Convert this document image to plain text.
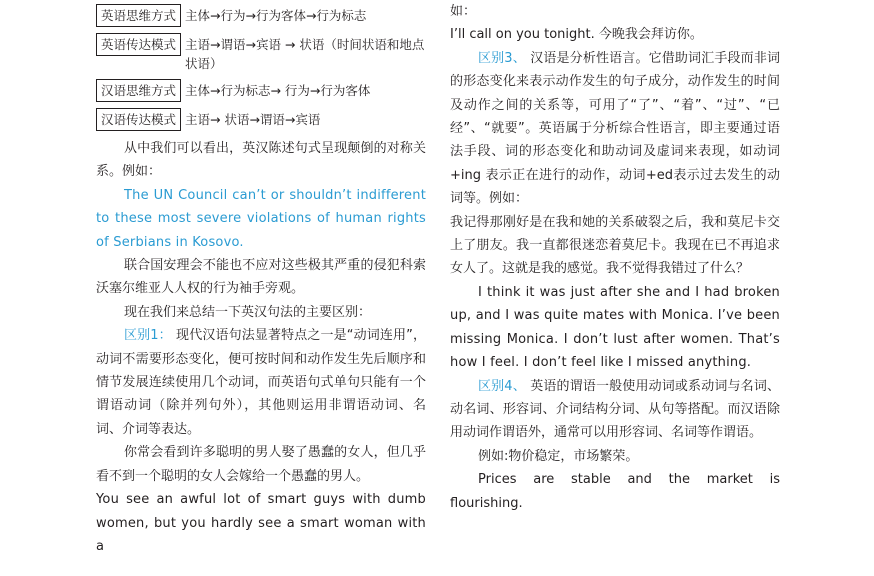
英语思维方式 主体→行为→行为客体→行为标志
英语传达模式 主语→谓语→宾语 → 状语（时间状语和地点状语）
汉语思维方式 主体→行为标志→ 行为→行为客体
汉语传达模式 主语→ 状语→谓语→宾语

从中我们可以看出，英汉陈述句式呈现颠倒的对称关系。例如：

The UN Council can’t or shouldn’t indifferent to these most severe violations of human rights of Serbians in Kosovo.

联合国安理会不能也不应对这些极其严重的侵犯科索沃塞尔维亚人人权的行为袖手旁观。

现在我们来总结一下英汉句法的主要区别：

区别1： 现代汉语句法显著特点之一是“动词连用”，动词不需要形态变化，便可按时间和动作发生先后顺序和情节发展连续使用几个动词，而英语句式单句只能有一个谓语动词（除并列句外），其他则运用非谓语动词、名词、介词等表达。

你常会看到许多聪明的男人娶了愚蠢的女人，但几乎看不到一个聪明的女人会嫁给一个愚蠢的男人。

You see an awful lot of smart guys with dumb women, but you hardly see a smart woman with a

如：

I’ll call on you tonight. 今晚我会拜访你。

区别3、 汉语是分析性语言。它借助词汇手段而非词的形态变化来表示动作发生的句子成分，动作发生的时间及动作之间的关系等，可用了“了”、“着”、“过”、“已经”、“就要”。英语属于分析综合性语言，即主要通过语法手段、词的形态变化和助动词及虚词来表现，如动词+ing 表示正在进行的动作，动词+ed表示过去发生的动词等。例如：

我记得那刚好是在我和她的关系破裂之后，我和莫尼卡交上了朋友。我一直都很迷恋着莫尼卡。我现在已不再追求女人了。这就是我的感觉。我不觉得我错过了什么？

I think it was just after she and I had broken up, and I was quite mates with Monica. I’ve been missing Monica. I don’t lust after women. That’s how I feel. I don’t feel like I missed anything.

区别4、 英语的谓语一般使用动词或系动词与名词、动名词、形容词、介词结构分词、从句等搭配。而汉语除用动词作谓语外，通常可以用形容词、名词等作谓语。

例如:物价稳定，市场繁荣。

Prices are stable and the market is flourishing.
